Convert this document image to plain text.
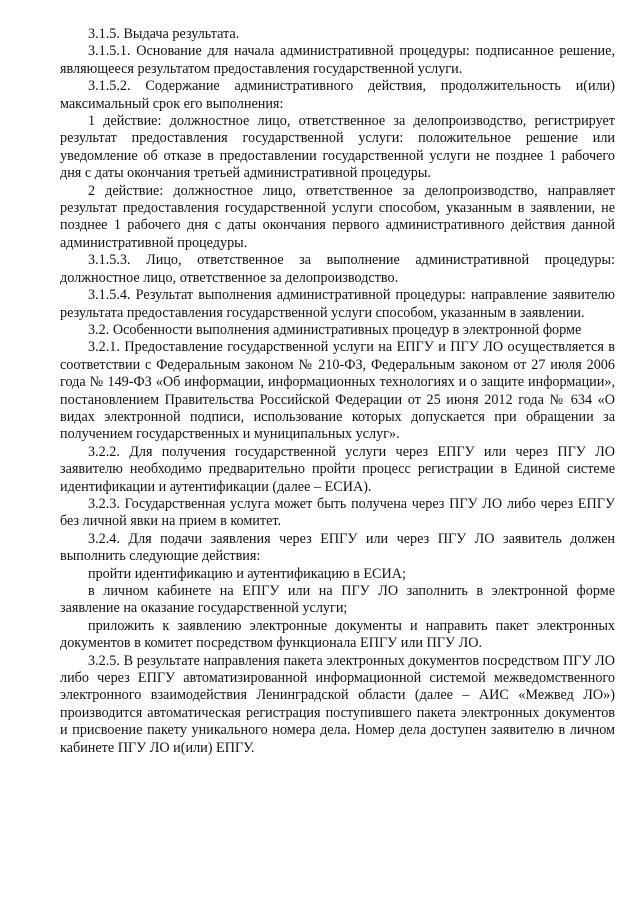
3.1.5. Выдача результата.

3.1.5.1. Основание для начала административной процедуры: подписанное решение, являющееся результатом предоставления государственной услуги.

3.1.5.2. Содержание административного действия, продолжительность и(или) максимальный срок его выполнения:

1 действие: должностное лицо, ответственное за делопроизводство, регистрирует результат предоставления государственной услуги: положительное решение или уведомление об отказе в предоставлении государственной услуги не позднее 1 рабочего дня с даты окончания третьей административной процедуры.

2 действие: должностное лицо, ответственное за делопроизводство, направляет результат предоставления государственной услуги способом, указанным в заявлении, не позднее 1 рабочего дня с даты окончания первого административного действия данной административной процедуры.

3.1.5.3. Лицо, ответственное за выполнение административной процедуры: должностное лицо, ответственное за делопроизводство.

3.1.5.4. Результат выполнения административной процедуры: направление заявителю результата предоставления государственной услуги способом, указанным в заявлении.

3.2. Особенности выполнения административных процедур в электронной форме

3.2.1. Предоставление государственной услуги на ЕПГУ и ПГУ ЛО осуществляется в соответствии с Федеральным законом № 210-ФЗ, Федеральным законом от 27 июля 2006 года № 149-ФЗ «Об информации, информационных технологиях и о защите информации», постановлением Правительства Российской Федерации от 25 июня 2012 года № 634 «О видах электронной подписи, использование которых допускается при обращении за получением государственных и муниципальных услуг».

3.2.2. Для получения государственной услуги через ЕПГУ или через ПГУ ЛО заявителю необходимо предварительно пройти процесс регистрации в Единой системе идентификации и аутентификации (далее – ЕСИА).

3.2.3. Государственная услуга может быть получена через ПГУ ЛО либо через ЕПГУ без личной явки на прием в комитет.

3.2.4. Для подачи заявления через ЕПГУ или через ПГУ ЛО заявитель должен выполнить следующие действия:

пройти идентификацию и аутентификацию в ЕСИА;

в личном кабинете на ЕПГУ или на ПГУ ЛО заполнить в электронной форме заявление на оказание государственной услуги;

приложить к заявлению электронные документы и направить пакет электронных документов в комитет посредством функционала ЕПГУ или ПГУ ЛО.

3.2.5. В результате направления пакета электронных документов посредством ПГУ ЛО либо через ЕПГУ автоматизированной информационной системой межведомственного электронного взаимодействия Ленинградской области (далее – АИС «Межвед ЛО») производится автоматическая регистрация поступившего пакета электронных документов и присвоение пакету уникального номера дела. Номер дела доступен заявителю в личном кабинете ПГУ ЛО и(или) ЕПГУ.
